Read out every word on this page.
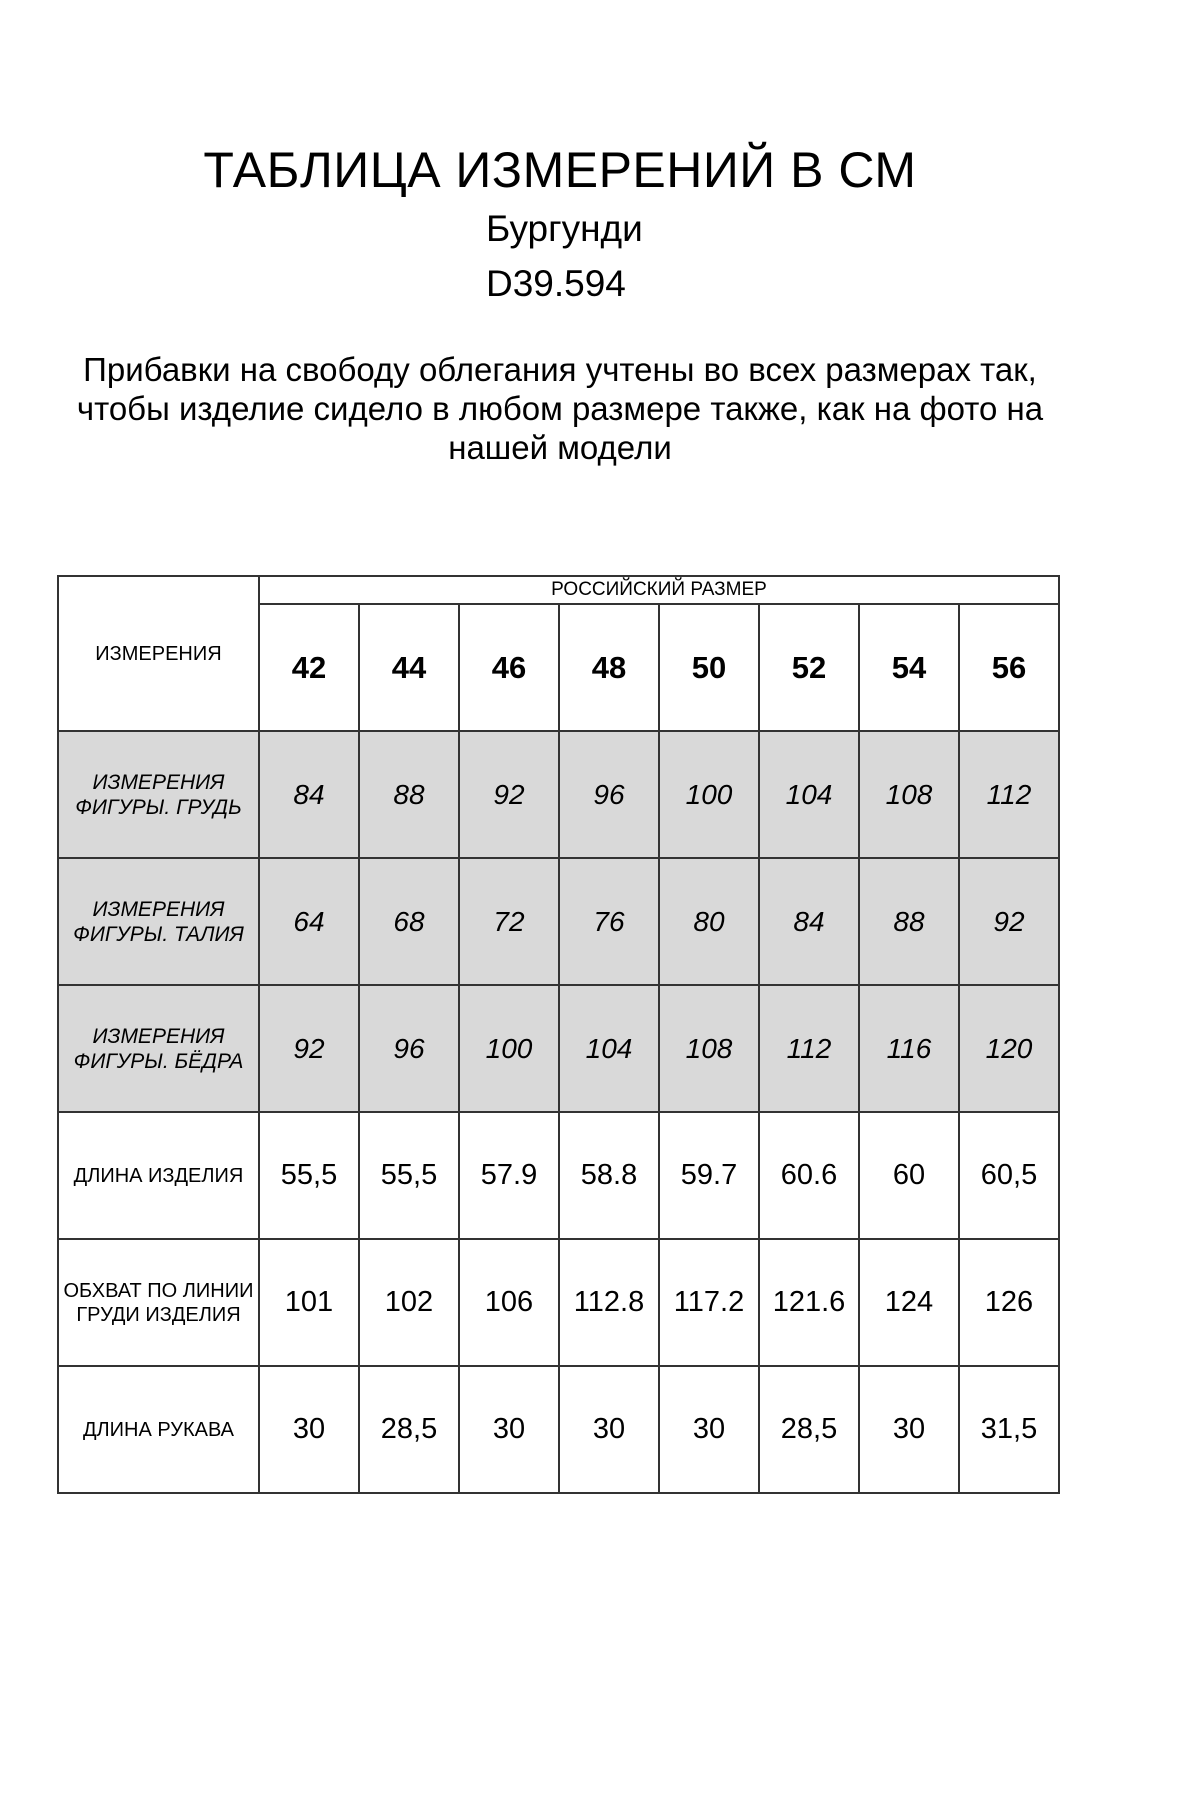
ТАБЛИЦА ИЗМЕРЕНИЙ В СМ
Бургунди
D39.594
Прибавки на свободу облегания учтены во всех размерах так, чтобы изделие сидело в любом размере также, как на фото на нашей модели
ИЗМЕРЕНИЯ	РОССИЙСКИЙ РАЗМЕР							
	42	44	46	48	50	52	54	56
ИЗМЕРЕНИЯ ФИГУРЫ. ГРУДЬ	84	88	92	96	100	104	108	112
ИЗМЕРЕНИЯ ФИГУРЫ. ТАЛИЯ	64	68	72	76	80	84	88	92
ИЗМЕРЕНИЯ ФИГУРЫ. БЁДРА	92	96	100	104	108	112	116	120
ДЛИНА ИЗДЕЛИЯ	55,5	55,5	57.9	58.8	59.7	60.6	60	60,5
ОБХВАТ ПО ЛИНИИ ГРУДИ ИЗДЕЛИЯ	101	102	106	112.8	117.2	121.6	124	126
ДЛИНА РУКАВА	30	28,5	30	30	30	28,5	30	31,5
